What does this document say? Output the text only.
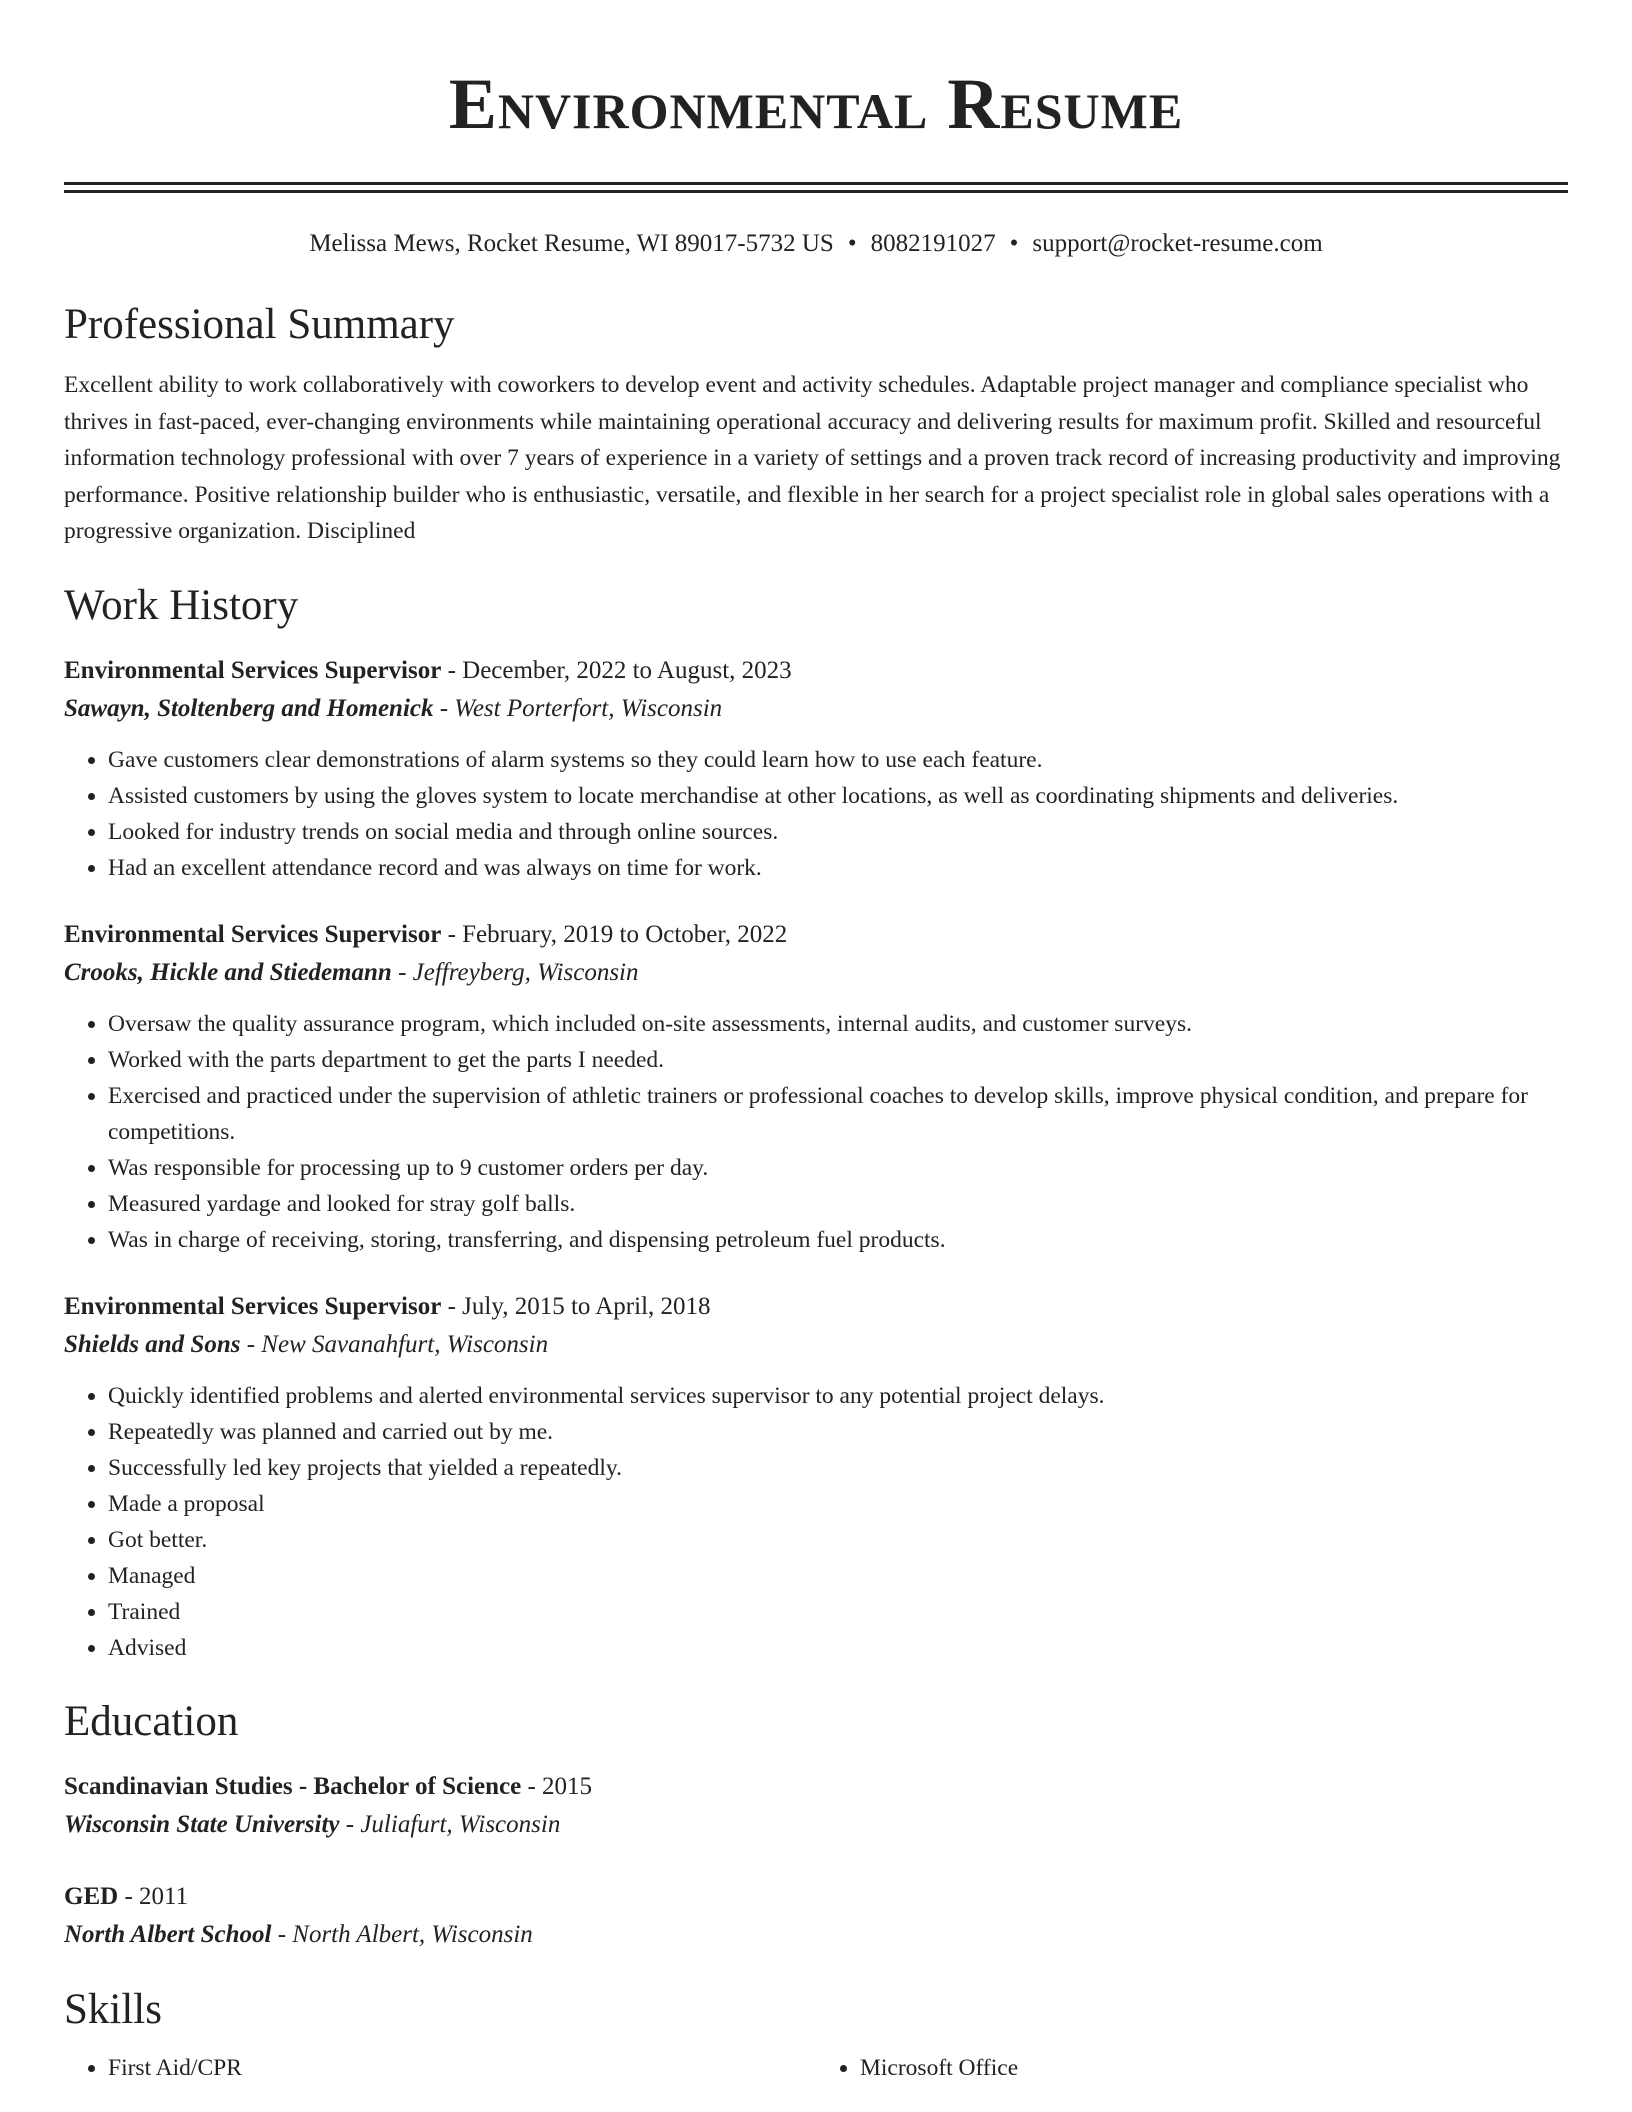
Environmental Resume
Melissa Mews, Rocket Resume, WI 89017-5732 US • 8082191027 • support@rocket-resume.com
Professional Summary
Excellent ability to work collaboratively with coworkers to develop event and activity schedules. Adaptable project manager and compliance specialist who thrives in fast-paced, ever-changing environments while maintaining operational accuracy and delivering results for maximum profit. Skilled and resourceful information technology professional with over 7 years of experience in a variety of settings and a proven track record of increasing productivity and improving performance. Positive relationship builder who is enthusiastic, versatile, and flexible in her search for a project specialist role in global sales operations with a progressive organization. Disciplined
Work History
Environmental Services Supervisor - December, 2022 to August, 2023
Sawayn, Stoltenberg and Homenick - West Porterfort, Wisconsin
• Gave customers clear demonstrations of alarm systems so they could learn how to use each feature.
• Assisted customers by using the gloves system to locate merchandise at other locations, as well as coordinating shipments and deliveries.
• Looked for industry trends on social media and through online sources.
• Had an excellent attendance record and was always on time for work.
Environmental Services Supervisor - February, 2019 to October, 2022
Crooks, Hickle and Stiedemann - Jeffreyberg, Wisconsin
• Oversaw the quality assurance program, which included on-site assessments, internal audits, and customer surveys.
• Worked with the parts department to get the parts I needed.
• Exercised and practiced under the supervision of athletic trainers or professional coaches to develop skills, improve physical condition, and prepare for competitions.
• Was responsible for processing up to 9 customer orders per day.
• Measured yardage and looked for stray golf balls.
• Was in charge of receiving, storing, transferring, and dispensing petroleum fuel products.
Environmental Services Supervisor - July, 2015 to April, 2018
Shields and Sons - New Savanahfurt, Wisconsin
• Quickly identified problems and alerted environmental services supervisor to any potential project delays.
• Repeatedly was planned and carried out by me.
• Successfully led key projects that yielded a repeatedly.
• Made a proposal
• Got better.
• Managed
• Trained
• Advised
Education
Scandinavian Studies - Bachelor of Science - 2015
Wisconsin State University - Juliafurt, Wisconsin
GED - 2011
North Albert School - North Albert, Wisconsin
Skills
• First Aid/CPR
•	Microsoft Office
